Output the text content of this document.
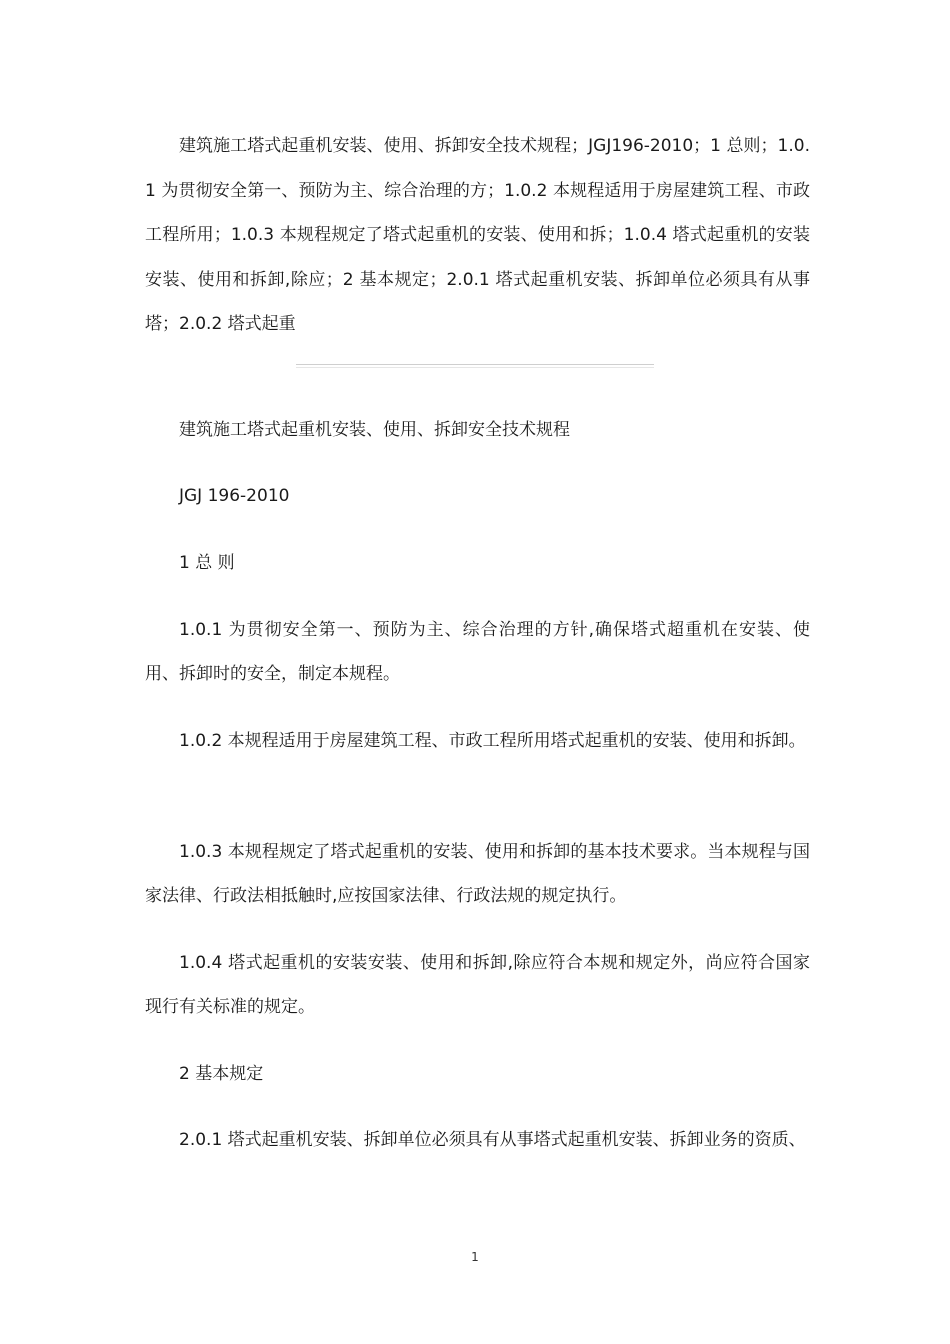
建筑施工塔式起重机安装、使用、拆卸安全技术规程；JGJ196-2010；1 总则；1.0.1 为贯彻安全第一、预防为主、综合治理的方；1.0.2 本规程适用于房屋建筑工程、市政工程所用；1.0.3 本规程规定了塔式起重机的安装、使用和拆；1.0.4 塔式起重机的安装安装、使用和拆卸,除应；2 基本规定；2.0.1 塔式起重机安装、拆卸单位必须具有从事塔；2.0.2 塔式起重

建筑施工塔式起重机安装、使用、拆卸安全技术规程

JGJ 196-2010

1 总 则

1.0.1 为贯彻安全第一、预防为主、综合治理的方针,确保塔式超重机在安装、使用、拆卸时的安全，制定本规程。

1.0.2 本规程适用于房屋建筑工程、市政工程所用塔式起重机的安装、使用和拆卸。

1.0.3 本规程规定了塔式起重机的安装、使用和拆卸的基本技术要求。当本规程与国家法律、行政法相抵触时,应按国家法律、行政法规的规定执行。

1.0.4 塔式起重机的安装安装、使用和拆卸,除应符合本规和规定外，尚应符合国家现行有关标准的规定。

2 基本规定

2.0.1 塔式起重机安装、拆卸单位必须具有从事塔式起重机安装、拆卸业务的资质、

1
